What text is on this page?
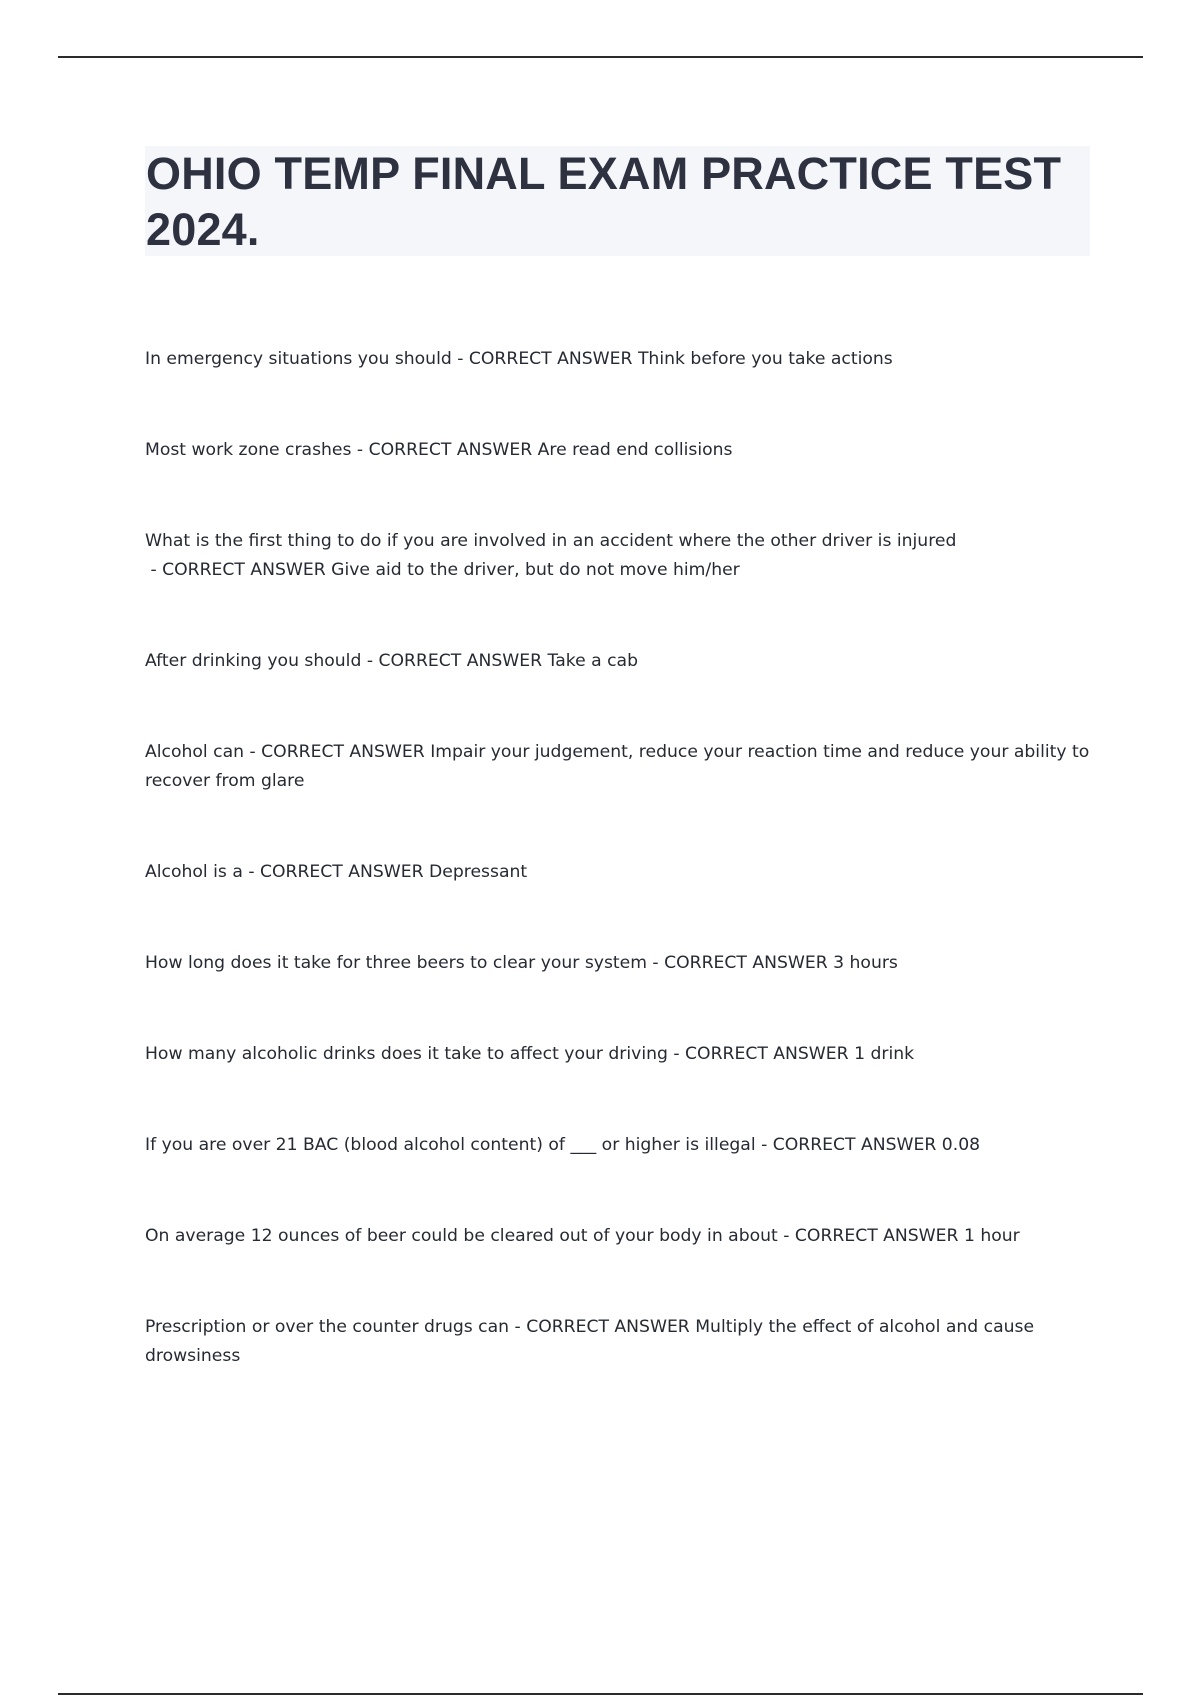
OHIO TEMP FINAL EXAM PRACTICE TEST 2024.
In emergency situations you should - CORRECT ANSWER Think before you take actions
Most work zone crashes - CORRECT ANSWER Are read end collisions
What is the first thing to do if you are involved in an accident where the other driver is injured - CORRECT ANSWER Give aid to the driver, but do not move him/her
After drinking you should - CORRECT ANSWER Take a cab
Alcohol can - CORRECT ANSWER Impair your judgement, reduce your reaction time and reduce your ability to recover from glare
Alcohol is a - CORRECT ANSWER Depressant
How long does it take for three beers to clear your system - CORRECT ANSWER 3 hours
How many alcoholic drinks does it take to affect your driving - CORRECT ANSWER 1 drink
If you are over 21 BAC (blood alcohol content) of ___ or higher is illegal - CORRECT ANSWER 0.08
On average 12 ounces of beer could be cleared out of your body in about - CORRECT ANSWER 1 hour
Prescription or over the counter drugs can - CORRECT ANSWER Multiply the effect of alcohol and cause drowsiness
